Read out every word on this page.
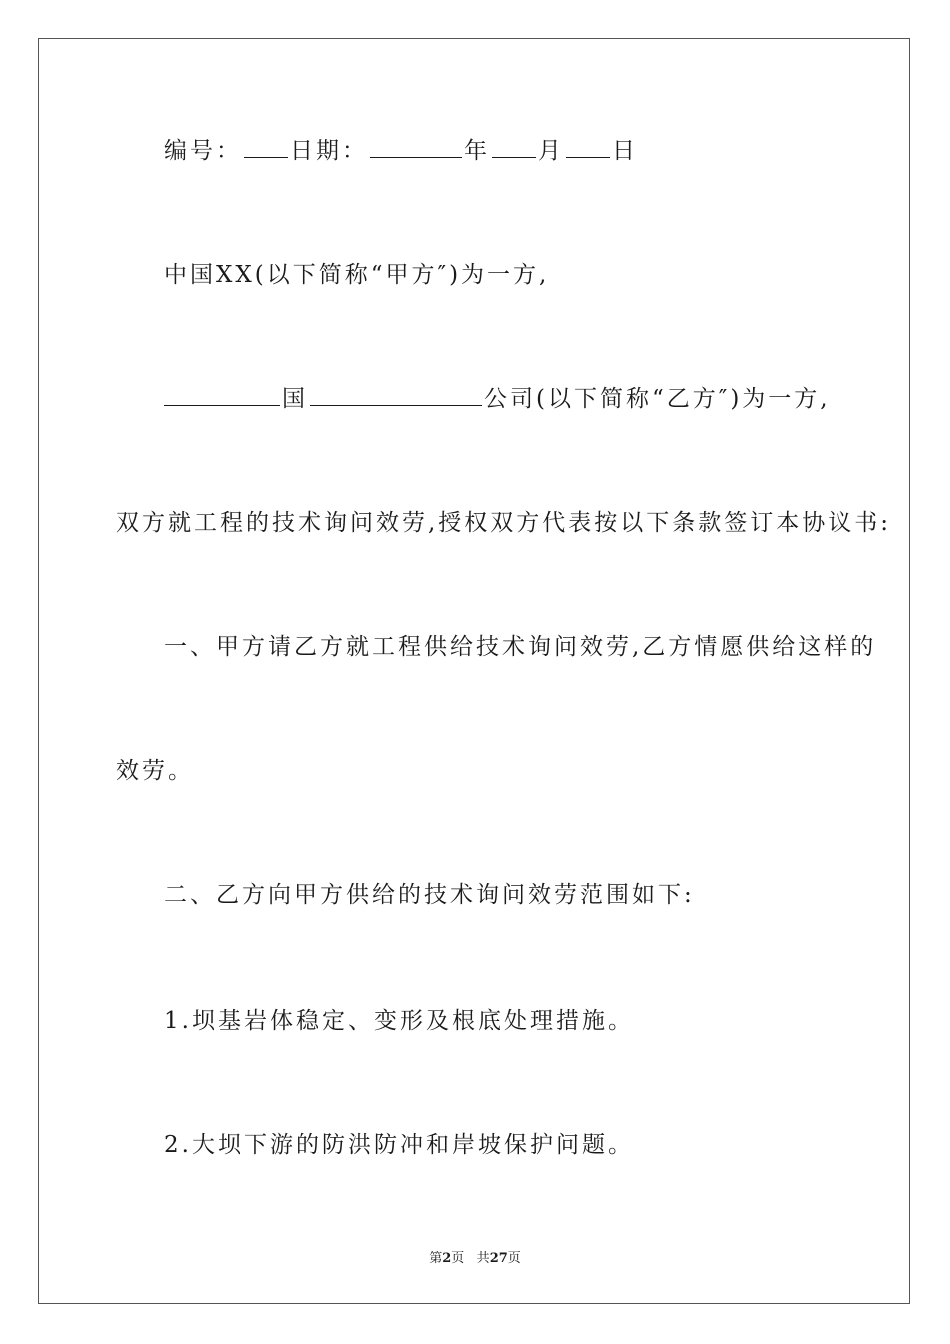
编号： 日期：	年 月 日
中国XX(以下简称“甲方″)为一方,
国	公司(以下简称“乙方″)为一方,
双方就工程的技术询问效劳,授权双方代表按以下条款签订本协议书:
一、甲方请乙方就工程供给技术询问效劳,乙方情愿供给这样的
效劳。
二、乙方向甲方供给的技术询问效劳范围如下:
1.坝基岩体稳定、变形及根底处理措施。
2.大坝下游的防洪防冲和岸坡保护问题。
第2页 共27页
